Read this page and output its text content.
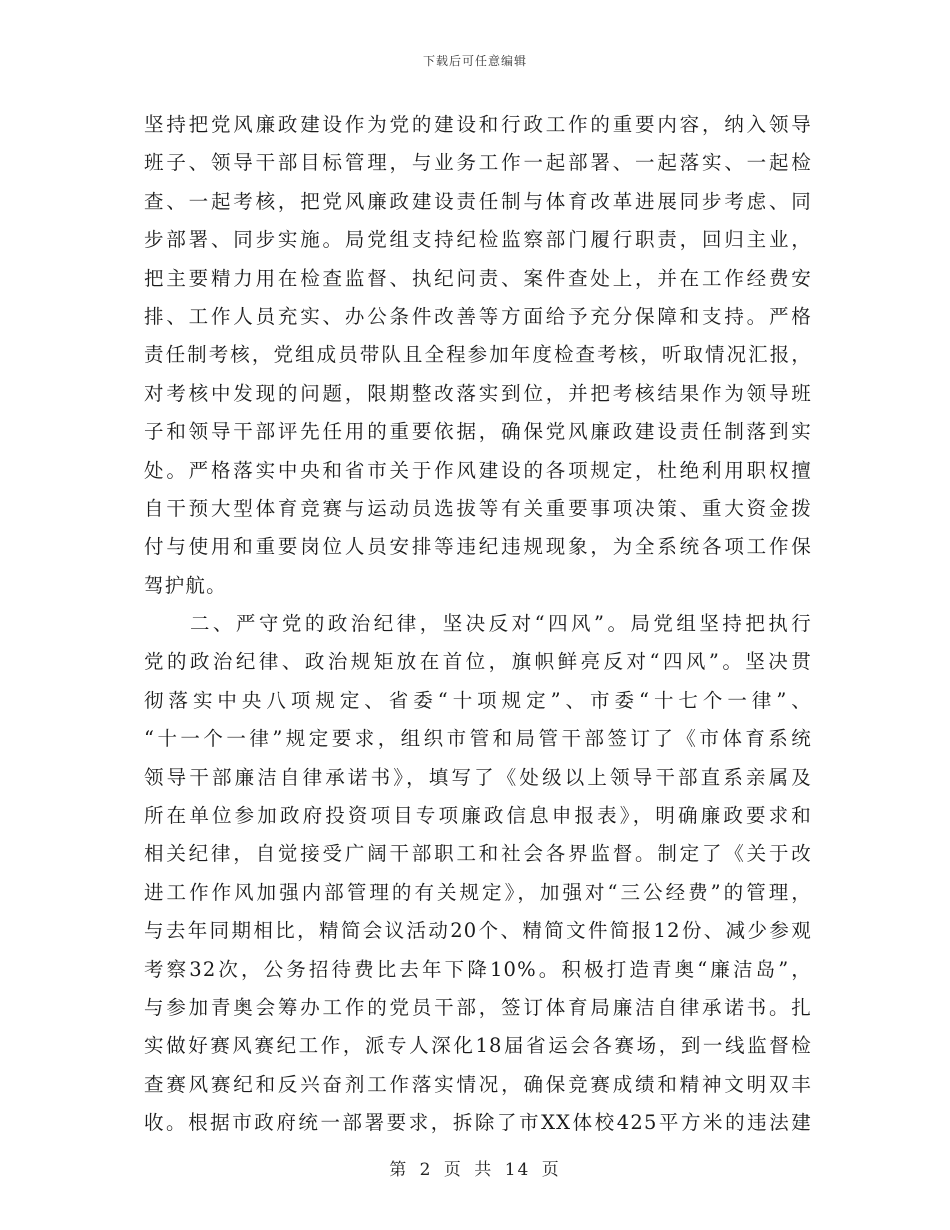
下载后可任意编辑
坚持把党风廉政建设作为党的建设和行政工作的重要内容，纳入领导
班子、领导干部目标管理，与业务工作一起部署、一起落实、一起检
查、一起考核，把党风廉政建设责任制与体育改革进展同步考虑、同
步部署、同步实施。局党组支持纪检监察部门履行职责，回归主业，
把主要精力用在检查监督、执纪问责、案件查处上，并在工作经费安
排、工作人员充实、办公条件改善等方面给予充分保障和支持。严格
责任制考核，党组成员带队且全程参加年度检查考核，听取情况汇报，
对考核中发现的问题，限期整改落实到位，并把考核结果作为领导班
子和领导干部评先任用的重要依据，确保党风廉政建设责任制落到实
处。严格落实中央和省市关于作风建设的各项规定，杜绝利用职权擅
自干预大型体育竞赛与运动员选拔等有关重要事项决策、重大资金拨
付与使用和重要岗位人员安排等违纪违规现象，为全系统各项工作保
驾护航。
　　二、严守党的政治纪律，坚决反对“四风”。局党组坚持把执行
党的政治纪律、政治规矩放在首位，旗帜鲜亮反对“四风”。坚决贯
彻落实中央八项规定、省委“十项规定”、市委“十七个一律”、
“十一个一律”规定要求，组织市管和局管干部签订了《市体育系统
领导干部廉洁自律承诺书》，填写了《处级以上领导干部直系亲属及
所在单位参加政府投资项目专项廉政信息申报表》，明确廉政要求和
相关纪律，自觉接受广阔干部职工和社会各界监督。制定了《关于改
进工作作风加强内部管理的有关规定》，加强对“三公经费”的管理，
与去年同期相比，精简会议活动20个、精简文件简报12份、减少参观
考察32次，公务招待费比去年下降10%。积极打造青奥“廉洁岛”，
与参加青奥会筹办工作的党员干部，签订体育局廉洁自律承诺书。扎
实做好赛风赛纪工作，派专人深化18届省运会各赛场，到一线监督检
查赛风赛纪和反兴奋剂工作落实情况，确保竞赛成绩和精神文明双丰
收。根据市政府统一部署要求，拆除了市XX体校425平方米的违法建
第 2 页 共 14 页
